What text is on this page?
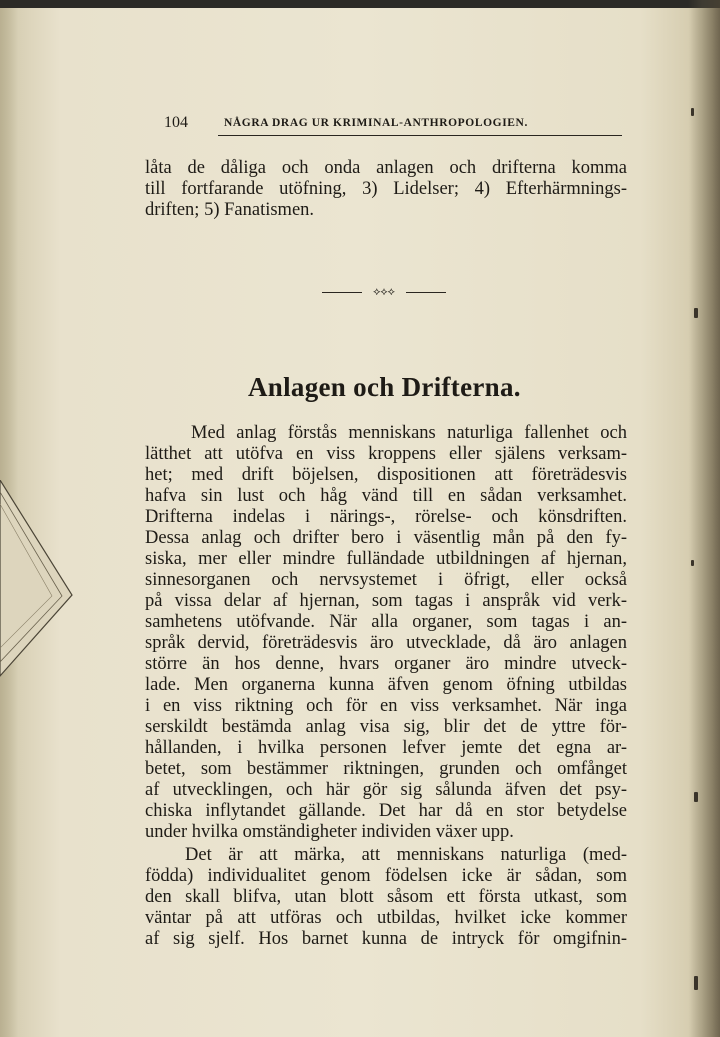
104	NÅGRA DRAG UR KRIMINAL-ANTHROPOLOGIEN.
låta de dåliga och onda anlagen och drifterna komma
till fortfarande utöfning, 3) Lidelser; 4) Efterhärmnings-
driften; 5) Fanatismen.
⟡⟡⟡
Anlagen och Drifterna.
Med anlag förstås menniskans naturliga fallenhet och
lätthet att utöfva en viss kroppens eller själens verksam-
het; med drift böjelsen, dispositionen att företrädesvis
hafva sin lust och håg vänd till en sådan verksamhet.
Drifterna indelas i närings-, rörelse- och könsdriften.
Dessa anlag och drifter bero i väsentlig mån på den fy-
siska, mer eller mindre fulländade utbildningen af hjernan,
sinnesorganen och nervsystemet i öfrigt, eller också
på vissa delar af hjernan, som tagas i anspråk vid verk-
samhetens utöfvande. När alla organer, som tagas i an-
språk dervid, företrädesvis äro utvecklade, då äro anlagen
större än hos denne, hvars organer äro mindre utveck-
lade. Men organerna kunna äfven genom öfning utbildas
i en viss riktning och för en viss verksamhet. När inga
serskildt bestämda anlag visa sig, blir det de yttre för-
hållanden, i hvilka personen lefver jemte det egna ar-
betet, som bestämmer riktningen, grunden och omfånget
af utvecklingen, och här gör sig sålunda äfven det psy-
chiska inflytandet gällande. Det har då en stor betydelse
under hvilka omständigheter individen växer upp.
Det är att märka, att menniskans naturliga (med-
födda) individualitet genom födelsen icke är sådan, som
den skall blifva, utan blott såsom ett första utkast, som
väntar på att utföras och utbildas, hvilket icke kommer
af sig sjelf. Hos barnet kunna de intryck för omgifnin-
